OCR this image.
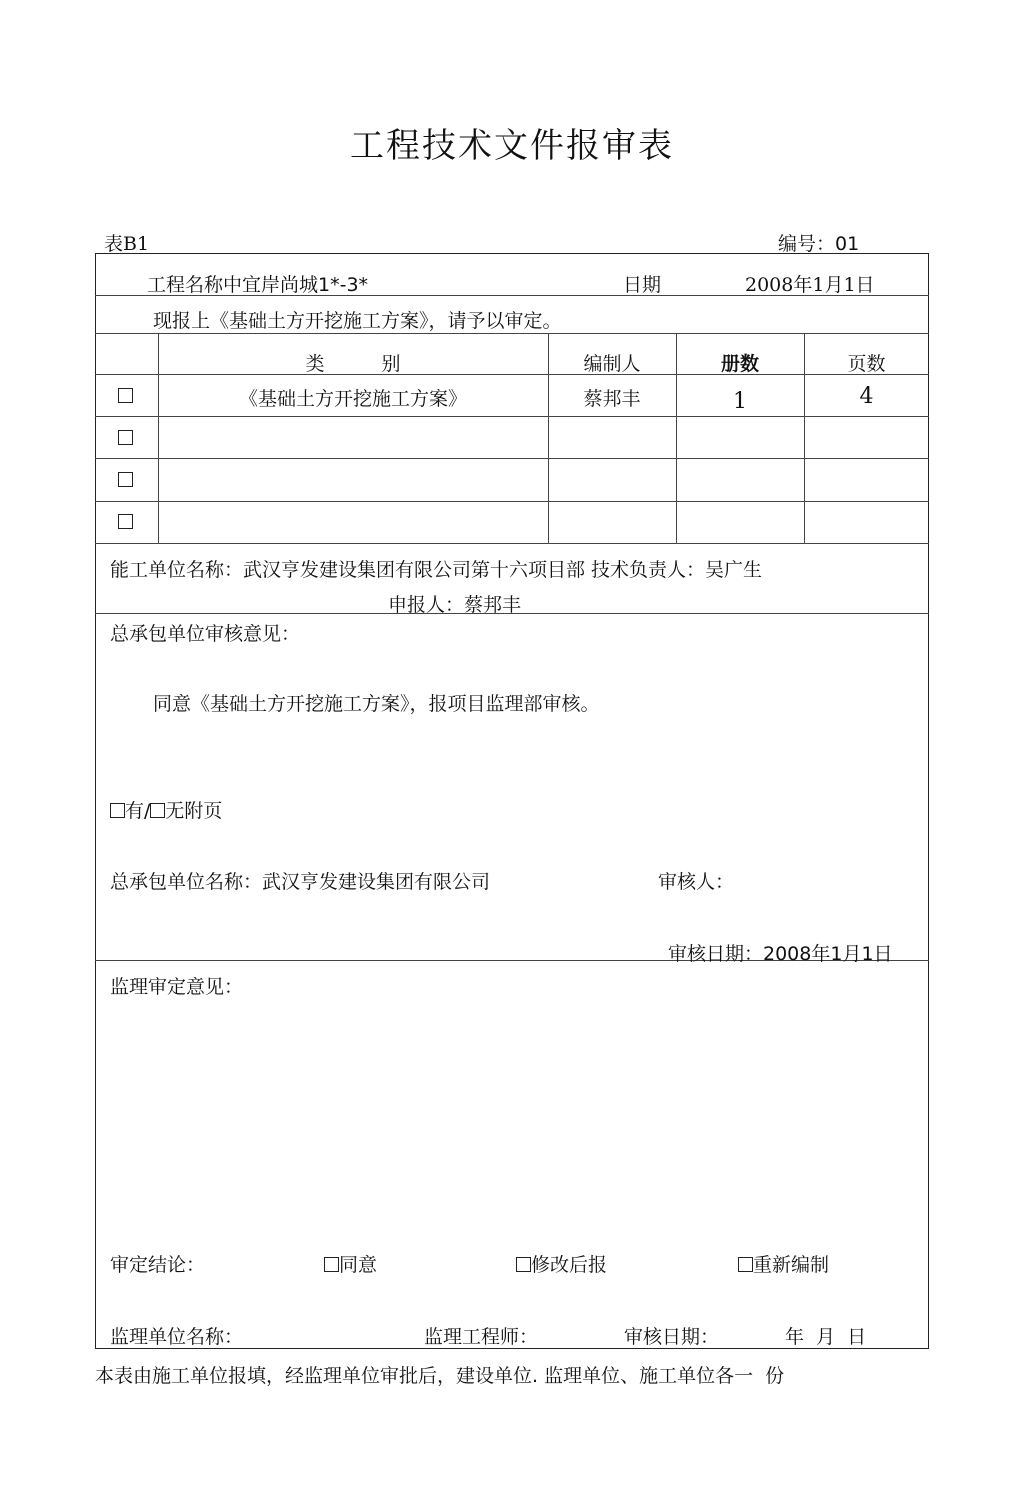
工程技术文件报审表
表B1	编号：01
工程名称中宜岸尚城1*-3*	日期	2008年1月1日
现报上《基础土方开挖施工方案》，请予以审定。
类　　　别	编制人	册数	页数
《基础土方开挖施工方案》	蔡邦丰	1	4
能工单位名称：武汉亨发建设集团有限公司第十六项目部 技术负责人：吴广生
申报人：蔡邦丰
总承包单位审核意见：
同意《基础土方开挖施工方案》，报项目监理部审核。
有/ 无附页
总承包单位名称：武汉亨发建设集团有限公司	审核人：
审核日期：2008年1月1日
监理审定意见：
审定结论：	同意	修改后报	重新编制
监理单位名称：	监理工程师：	审核日期：	年  月  日
本表由施工单位报填，经监理单位审批后，建设单位. 监理单位、施工单位各一  份
